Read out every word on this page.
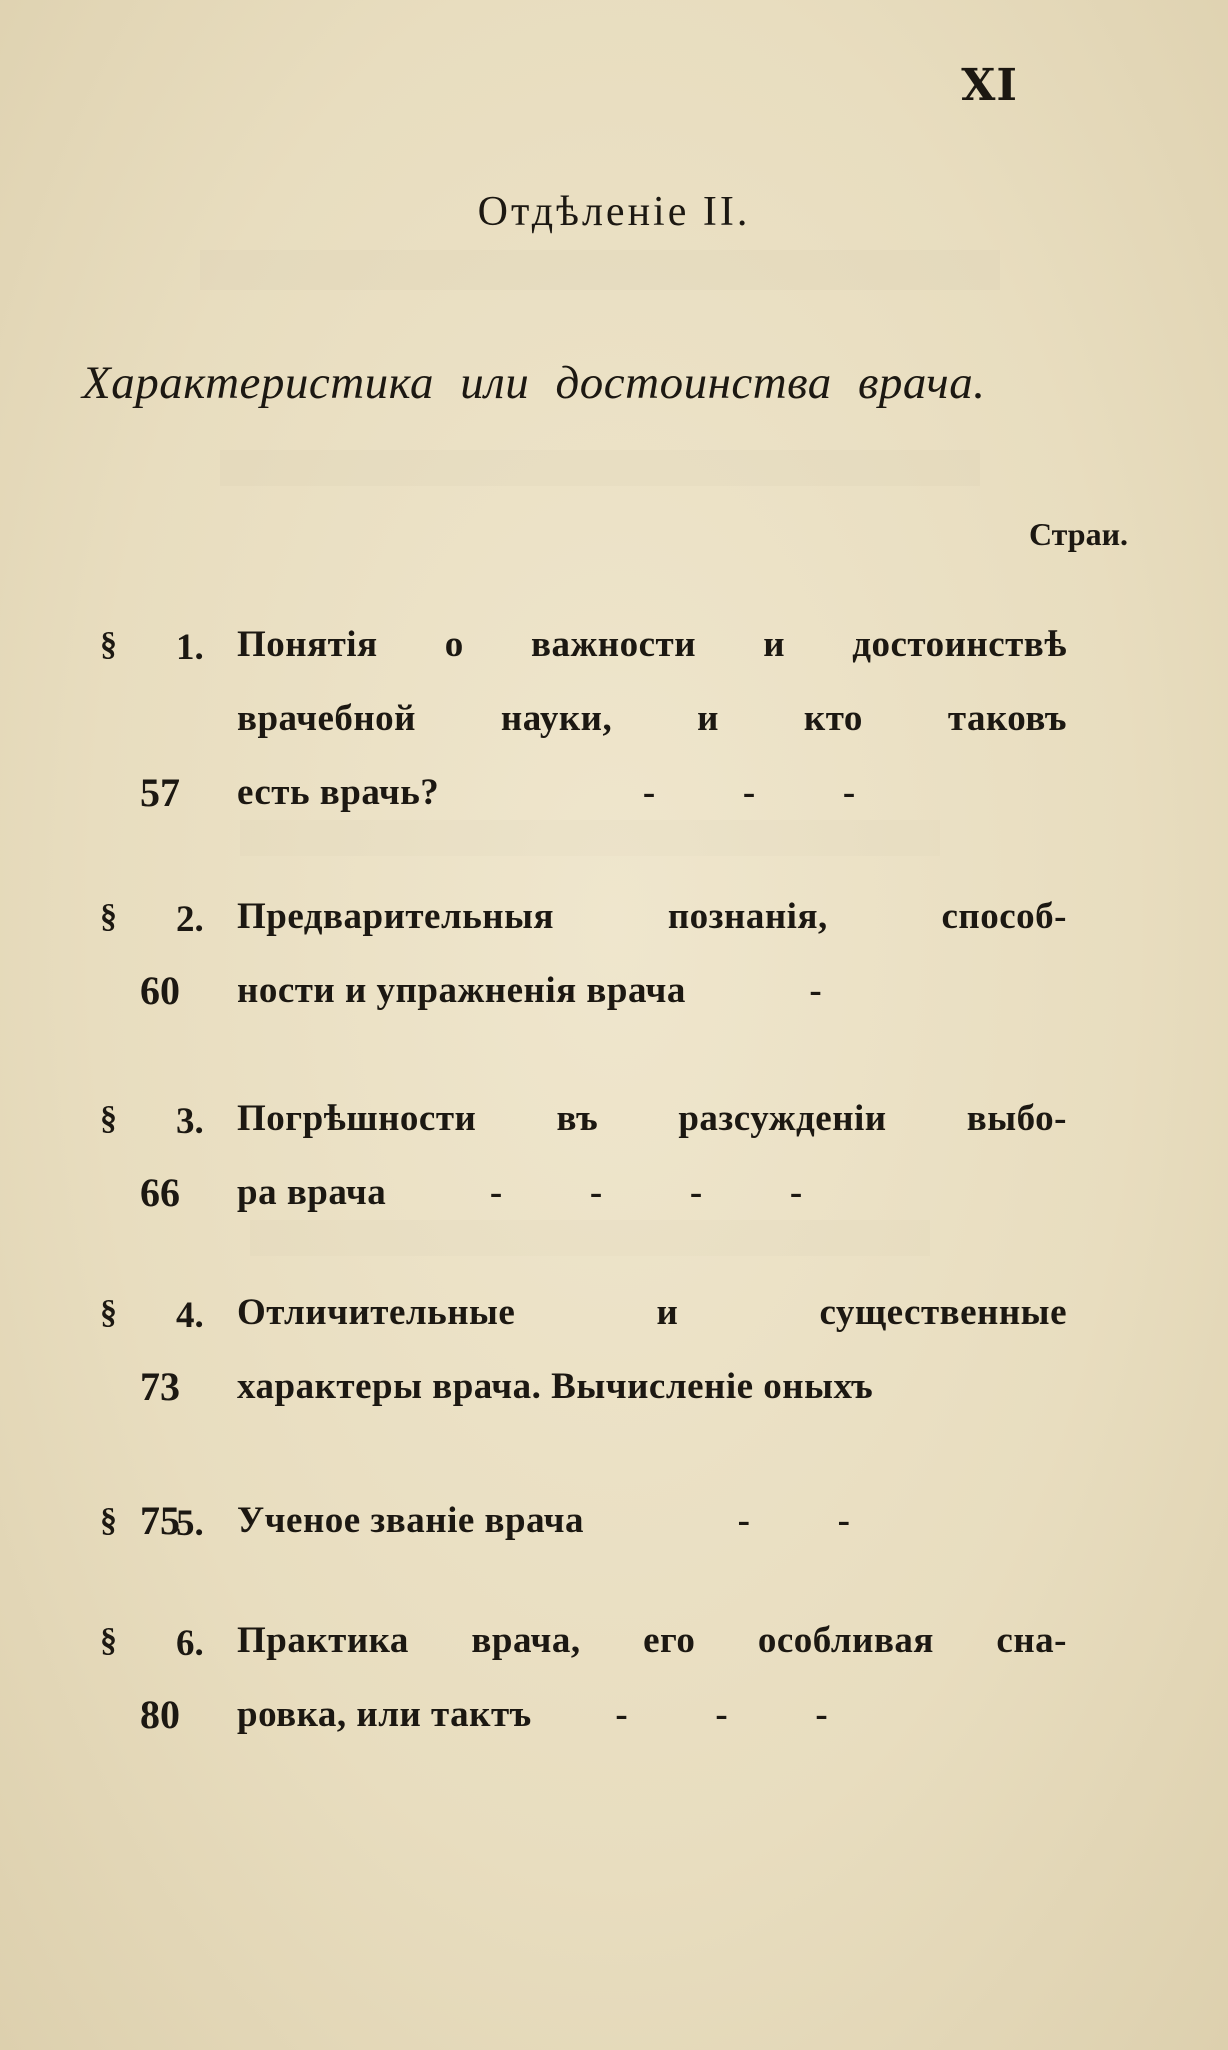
XI
Отдѣленіе II.
Характеристика или достоинства врача.
Страи.
§	1. Понятія о важности и достоинствѣ
врачебной науки, и кто таковъ
есть врачь?	- - -
57
§	2. Предварительныя познанія, способ-
ности и упражненія врача	-
60
§	3. Погрѣшности въ разсужденіи выбо-
ра врача	- - - -
66
§	4. Отличительные и существенные
характеры врача. Вычисленіе оныхъ
73
§	5. Ученое званіе врача	- -
75
§	6. Практика врача, его особливая сна-
ровка, или тактъ - - -
80
